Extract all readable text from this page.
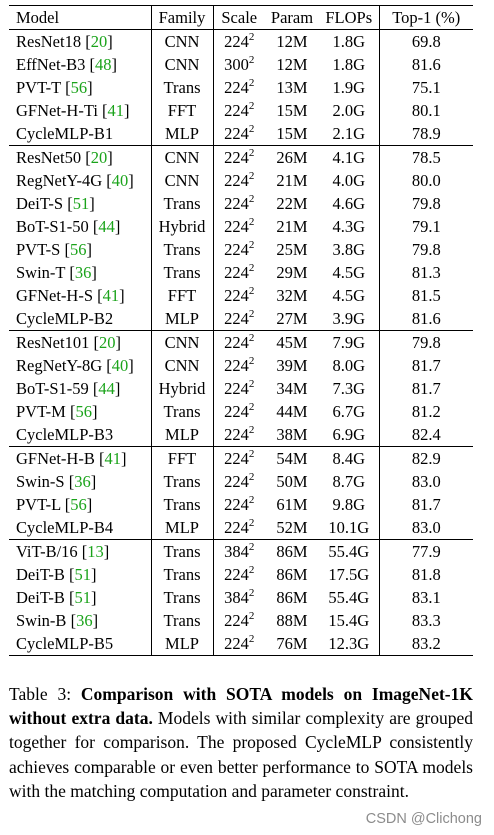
Model	Family	Scale	Param	FLOPs	Top-1 (%)
ResNet18 [20]	CNN	$224^2$	12M	1.8G	69.8
EffNet-B3 [48]	CNN	$300^2$	12M	1.8G	81.6
PVT-T [56]	Trans	$224^2$	13M	1.9G	75.1
GFNet-H-Ti [41]	FFT	$224^2$	15M	2.0G	80.1
CycleMLP-B1	MLP	$224^2$	15M	2.1G	78.9
ResNet50 [20]	CNN	$224^2$	26M	4.1G	78.5
RegNetY-4G [40]	CNN	$224^2$	21M	4.0G	80.0
DeiT-S [51]	Trans	$224^2$	22M	4.6G	79.8
BoT-S1-50 [44]	Hybrid	$224^2$	21M	4.3G	79.1
PVT-S [56]	Trans	$224^2$	25M	3.8G	79.8
Swin-T [36]	Trans	$224^2$	29M	4.5G	81.3
GFNet-H-S [41]	FFT	$224^2$	32M	4.5G	81.5
CycleMLP-B2	MLP	$224^2$	27M	3.9G	81.6
ResNet101 [20]	CNN	$224^2$	45M	7.9G	79.8
RegNetY-8G [40]	CNN	$224^2$	39M	8.0G	81.7
BoT-S1-59 [44]	Hybrid	$224^2$	34M	7.3G	81.7
PVT-M [56]	Trans	$224^2$	44M	6.7G	81.2
CycleMLP-B3	MLP	$224^2$	38M	6.9G	82.4
GFNet-H-B [41]	FFT	$224^2$	54M	8.4G	82.9
Swin-S [36]	Trans	$224^2$	50M	8.7G	83.0
PVT-L [56]	Trans	$224^2$	61M	9.8G	81.7
CycleMLP-B4	MLP	$224^2$	52M	10.1G	83.0
ViT-B/16 [13]	Trans	$384^2$	86M	55.4G	77.9
DeiT-B [51]	Trans	$224^2$	86M	17.5G	81.8
DeiT-B [51]	Trans	$384^2$	86M	55.4G	83.1
Swin-B [36]	Trans	$224^2$	88M	15.4G	83.3
CycleMLP-B5	MLP	$224^2$	76M	12.3G	83.2
Table 3: Comparison with SOTA models on ImageNet-1K without extra data. Models with similar complexity are grouped together for comparison. The proposed CycleMLP consistently achieves comparable or even better performance to SOTA models with the matching computation and parameter constraint.
CSDN @Clichong
